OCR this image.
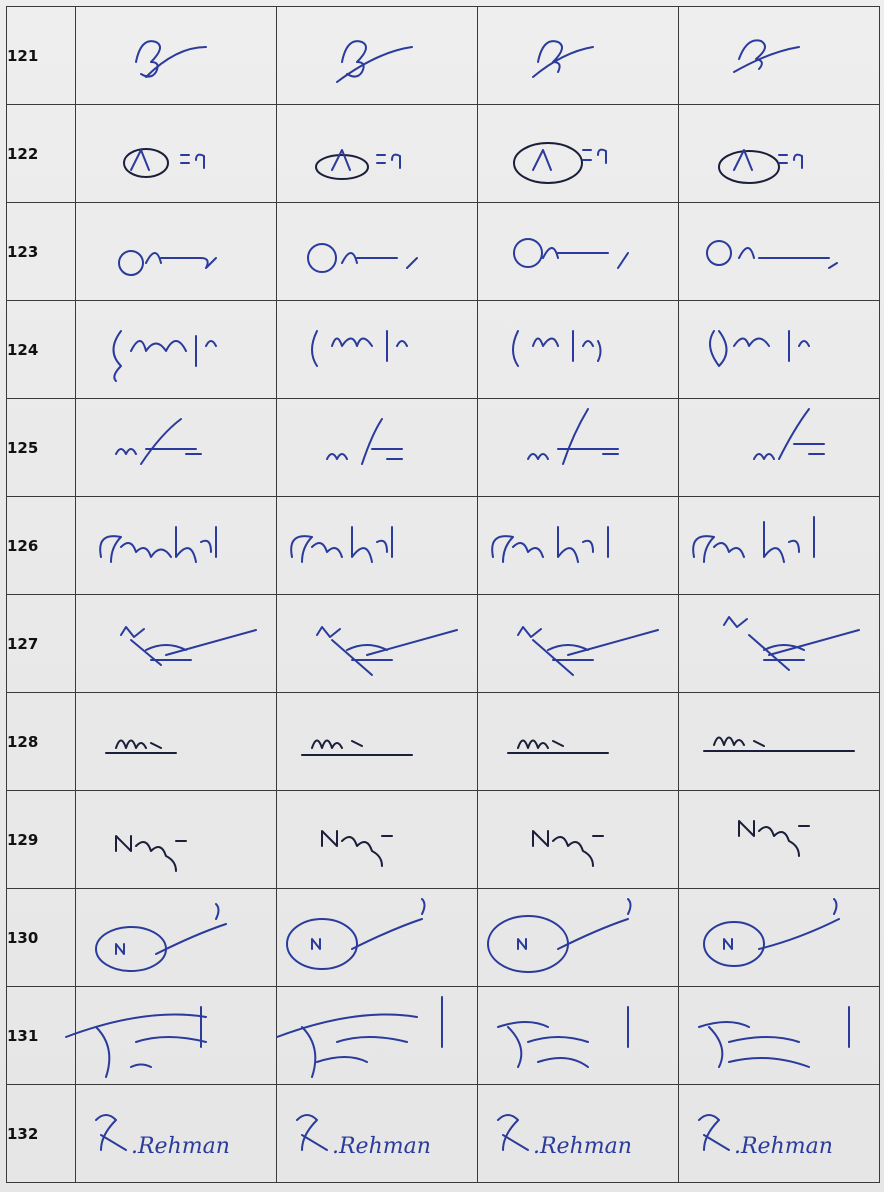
121	

122	

123	

124	

125	

126	

127	

128	

129	

130	

131	

132	.Rehman	.Rehman	.Rehman	.Rehman
